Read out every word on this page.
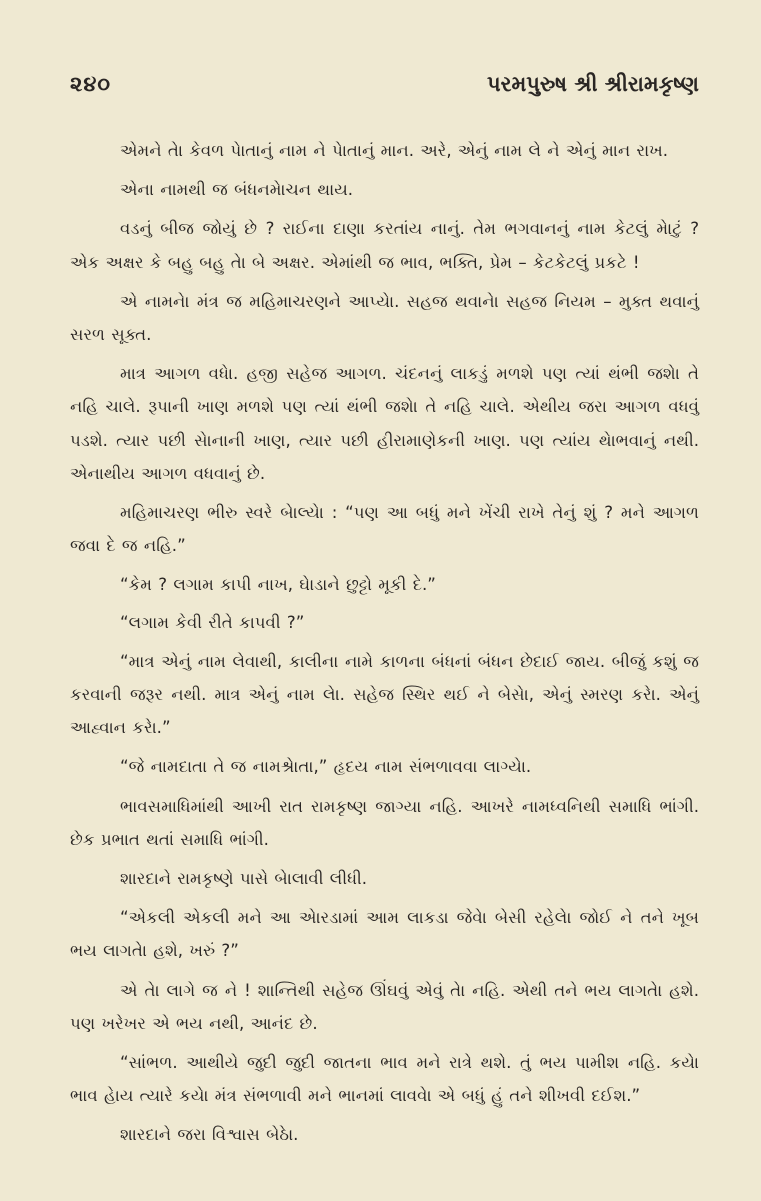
૨૪૦	પરમપુરુષ શ્રી શ્રીરામકૃષ્ણ

એમને તેા કેવળ પેાતાનું નામ ને પેાતાનું માન. અરે, એનું નામ લે ને એનું માન રાખ.

એના નામથી જ બંધનમેાચન થાય.

વડનું બીજ જોયું છે ? રાઈના દાણા કરતાંય નાનું. તેમ ભગવાનનું નામ કેટલું મેાટું ? એક અક્ષર કે બહુ બહુ તેા બે અક્ષર. એમાંથી જ ભાવ, ભક્તિ, પ્રેમ – કેટકેટલું પ્રકટે !

એ નામનેા મંત્ર જ મહિમાચરણને આપ્યેા. સહજ થવાનેા સહજ નિયમ – મુક્ત થવાનું સરળ સૂક્ત.

માત્ર આગળ વધેા. હજી સહેજ આગળ. ચંદનનું લાકડું મળશે પણ ત્યાં થંભી જશેા તે નહિ ચાલે. રૂપાની ખાણ મળશે પણ ત્યાં થંભી જશેા તે નહિ ચાલે. એથીય જરા આગળ વધવું પડશે. ત્યાર પછી સેાનાની ખાણ, ત્યાર પછી હીરામાણેકની ખાણ. પણ ત્યાંય થેાભવાનું નથી. એનાથીય આગળ વધવાનું છે.

મહિમાચરણ ભીરુ સ્વરે બેાલ્યેા : “પણ આ બધું મને ખેંચી રાખે તેનું શું ? મને આગળ જવા દે જ નહિ.”

“કેમ ? લગામ કાપી નાખ, ઘેાડાને છુટ્ટો મૂકી દે.”

“લગામ કેવી રીતે કાપવી ?”

“માત્ર એનું નામ લેવાથી, કાલીના નામે કાળના બંધનાં બંધન છેદાઈ જાય. બીજું કશું જ કરવાની જરૂર નથી. માત્ર એનું નામ લેા. સહેજ સ્થિર થઈ ને બેસેા, એનું સ્મરણ કરેા. એનું આહ્વાન કરેા.”

“જે નામદાતા તે જ નામશ્રેાતા,” હૃદય નામ સંભળાવવા લાગ્યેા.

ભાવસમાધિમાંથી આખી રાત રામકૃષ્ણ જાગ્યા નહિ. આખરે નામધ્વનિથી સમાધિ ભાંગી. છેક પ્રભાત થતાં સમાધિ ભાંગી.

શારદાને રામકૃષ્ણે પાસે બેાલાવી લીધી.

“એકલી એકલી મને આ એારડામાં આમ લાકડા જેવેા બેસી રહેલેા જોઈ ને તને ખૂબ ભય લાગતેા હશે, ખરું ?”

એ તેા લાગે જ ને ! શાન્તિથી સહેજ ઊંઘવું એવું તેા નહિ. એથી તને ભય લાગતેા હશે. પણ ખરેખર એ ભય નથી, આનંદ છે.

“સાંભળ. આથીયે જુદી જુદી જાતના ભાવ મને રાત્રે થશે. તું ભય પામીશ નહિ. કયેા ભાવ હેાય ત્યારે કયેા મંત્ર સંભળાવી મને ભાનમાં લાવવેા એ બધું હું તને શીખવી દઈશ.”

શારદાને જરા વિશ્વાસ બેઠેા.
